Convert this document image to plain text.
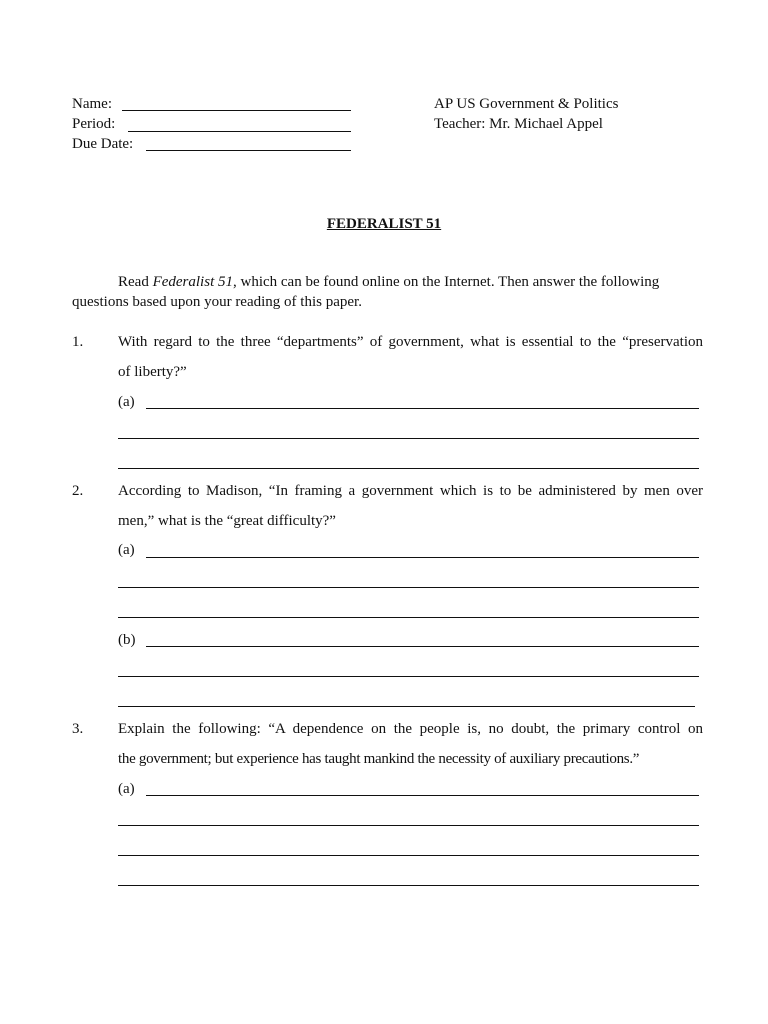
Name:
Period:
Due Date:
AP US Government & Politics
Teacher: Mr. Michael Appel
FEDERALIST 51
Read Federalist 51, which can be found online on the Internet. Then answer the following
questions based upon your reading of this paper.
1. With regard to the three “departments” of government, what is essential to the “preservation
of liberty?”
(a)
2. According to Madison, “In framing a government which is to be administered by men over
men,” what is the “great difficulty?”
(a)
(b)
3. Explain the following: “A dependence on the people is, no doubt, the primary control on
the government; but experience has taught mankind the necessity of auxiliary precautions.”
(a)
